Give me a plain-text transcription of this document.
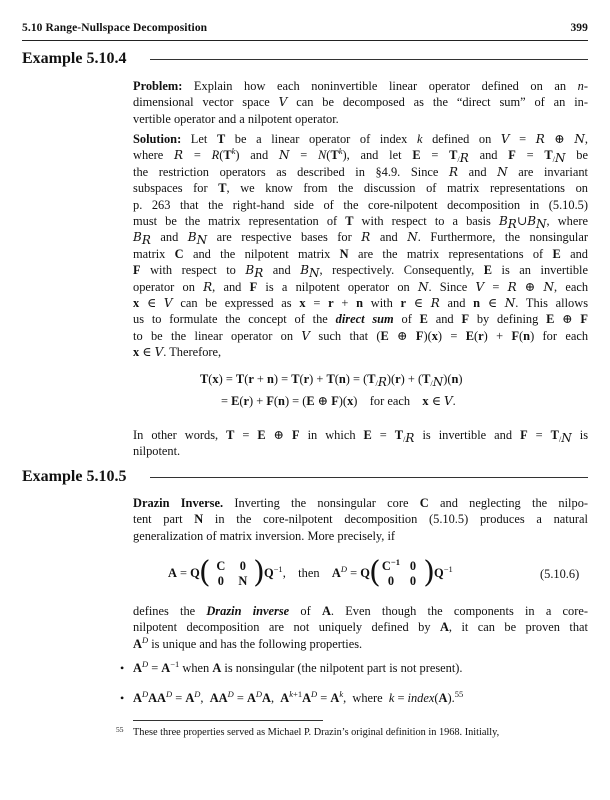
5.10 Range-Nullspace Decomposition	399
Example 5.10.4
Problem: Explain how each noninvertible linear operator defined on an n-
dimensional vector space V can be decomposed as the “direct sum” of an in-
vertible operator and a nilpotent operator.
Solution: Let T be a linear operator of index k defined on V = R ⊕ N,
where $R = R(T^k)$ and $N = N(T^k)$, and let $E = T_{/R}$ and $F = T_{/N}$ be
the restriction operators as described in §4.9. Since R and N are invariant
subspaces for T, we know from the discussion of matrix representations on
p. 263 that the right-hand side of the core-nilpotent decomposition in (5.10.5)
must be the matrix representation of T with respect to a basis $B_R\cup B_N$, where
$B_R$ and $B_N$ are respective bases for R and N. Furthermore, the nonsingular
matrix C and the nilpotent matrix N are the matrix representations of E and
F with respect to $B_R$ and $B_N$, respectively. Consequently, E is an invertible
operator on R, and F is a nilpotent operator on N. Since V = R ⊕ N, each
x ∈ V can be expressed as x = r + n with r ∈ R and n ∈ N. This allows
us to formulate the concept of the direct sum of E and F by defining E ⊕ F
to be the linear operator on V such that (E ⊕ F)(x) = E(r) + F(n) for each
x ∈ V. Therefore,
$T(x) = T(r + n) = T(r) + T(n) = (T_{/R})(r) + (T_{/N})(n)$
= E(r) + F(n) = (E ⊕ F)(x)    for each    x ∈ V.
In other words, T = E ⊕ F in which $E = T_{/R}$ is invertible and $F = T_{/N}$ is
nilpotent.
Example 5.10.5
Drazin Inverse. Inverting the nonsingular core C and neglecting the nilpo-
tent part N in the core-nilpotent decomposition (5.10.5) produces a natural
generalization of matrix inversion. More precisely, if
A = Q ( C 0
0 N ) $Q^{-1}$,    then    $A^D = Q$ ( $C^{-1}$ 0
0 0 ) $Q^{-1}$	(5.10.6)
defines the Drazin inverse of A. Even though the components in a core-
nilpotent decomposition are not uniquely defined by A, it can be proven that
$A^D$ is unique and has the following properties.
• $A^D = A^{-1}$ when A is nonsingular (the nilpotent part is not present).
• $A^DAA^D = A^D$,  $AA^D = A^DA$,  $A^{k+1}A^D = A^k$,  where  k = index(A).$^{55}$
55 These three properties served as Michael P. Drazin’s original definition in 1968. Initially,
